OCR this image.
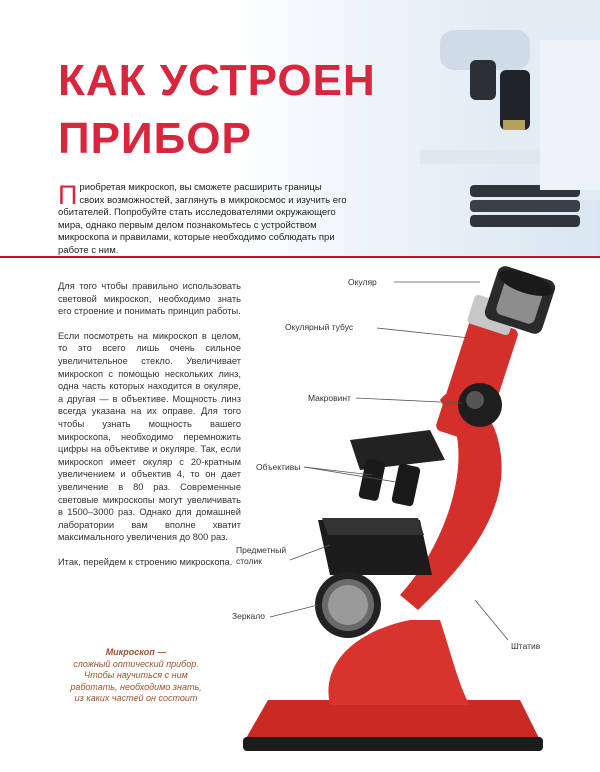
КАК УСТРОЕН
ПРИБОР
Приобретая микроскоп, вы сможете расширить границы своих возможностей, заглянуть в микрокосмос и изучить его обитателей. Попробуйте стать исследователями окружающего мира, однако первым делом познакомьтесь с устройством микроскопа и правилами, которые необходимо соблюдать при работе с ним.

Для того чтобы правильно использовать световой микроскоп, необходимо знать его строение и понимать принцип работы.

Если посмотреть на микроскоп в целом, то это всего лишь очень сильное увеличительное стекло. Увеличивает микроскоп с помощью нескольких линз, одна часть которых находится в окуляре, а другая — в объективе. Мощность линз всегда указана на их оправе. Для того чтобы узнать мощность вашего микроскопа, необходимо перемножить цифры на объективе и окуляре. Так, если микроскоп имеет окуляр с 20-кратным увеличением и объектив 4, то он дает увеличение в 80 раз. Современные световые микроскопы могут увеличивать в 1500–3000 раз. Однако для домашней лаборатории вам вполне хватит максимального увеличения до 800 раз.

Итак, перейдем к строению микроскопа.

Микроскоп —
сложный оптический прибор. Чтобы научиться с ним работать, необходимо знать, из каких частей он состоит
Окуляр
Окулярный тубус
Макровинт
Объективы
Предметный
столик
Зеркало
Штатив
